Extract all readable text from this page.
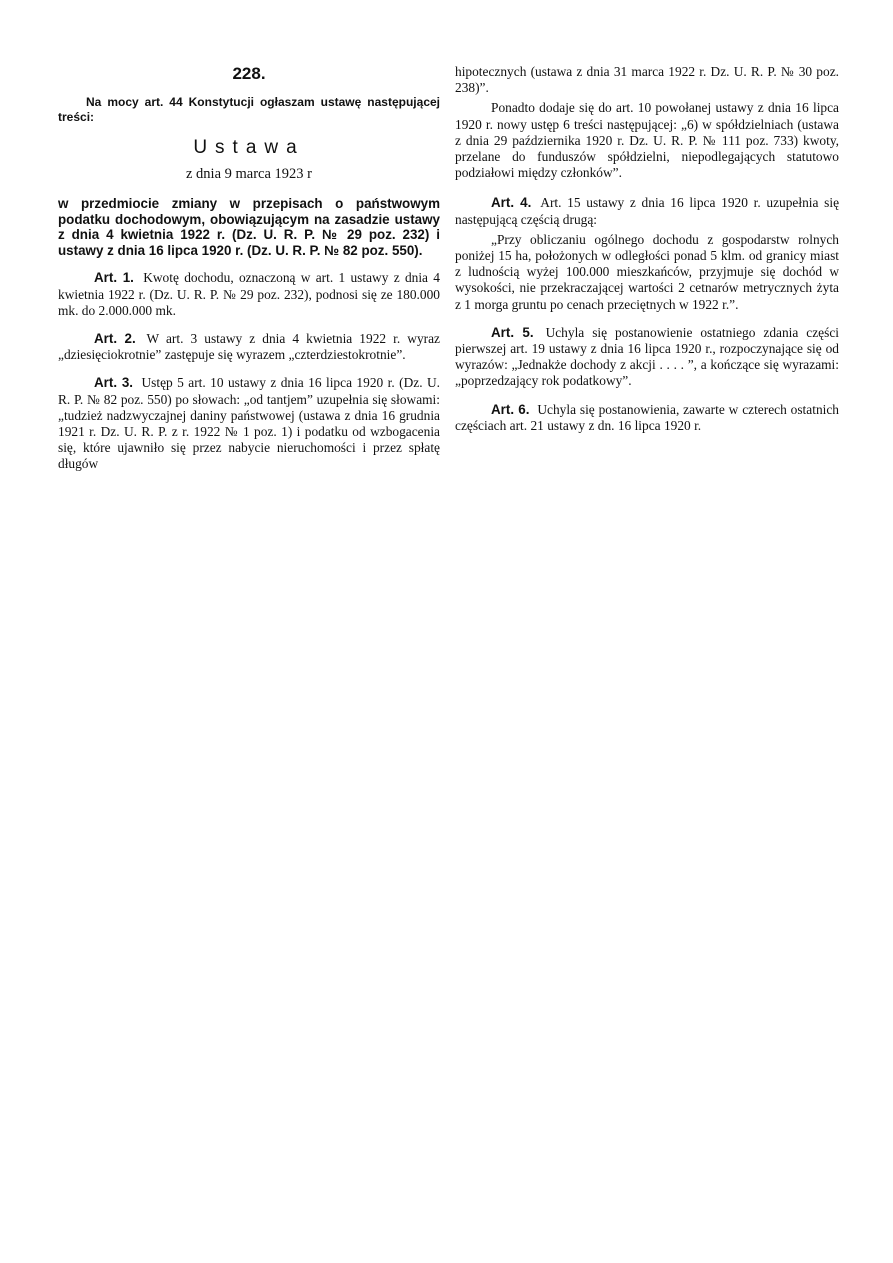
228.

Na mocy art. 44 Konstytucji ogłaszam ustawę następującej treści:

Ustawa
z dnia 9 marca 1923 r

w przedmiocie zmiany w przepisach o państwowym podatku dochodowym, obowiązującym na zasadzie ustawy z dnia 4 kwietnia 1922 r. (Dz. U. R. P. № 29 poz. 232) i ustawy z dnia 16 lipca 1920 r. (Dz. U. R. P. № 82 poz. 550).

Art. 1. Kwotę dochodu, oznaczoną w art. 1 ustawy z dnia 4 kwietnia 1922 r. (Dz. U. R. P. № 29 poz. 232), podnosi się ze 180.000 mk. do 2.000.000 mk.

Art. 2. W art. 3 ustawy z dnia 4 kwietnia 1922 r. wyraz „dziesięciokrotnie” zastępuje się wyrazem „czterdziestokrotnie”.

Art. 3. Ustęp 5 art. 10 ustawy z dnia 16 lipca 1920 r. (Dz. U. R. P. № 82 poz. 550) po słowach: „od tantjem” uzupełnia się słowami: „tudzież nadzwyczajnej daniny państwowej (ustawa z dnia 16 grudnia 1921 r. Dz. U. R. P. z r. 1922 № 1 poz. 1) i podatku od wzbogacenia się, które ujawniło się przez nabycie nieruchomości i przez spłatę długów

hipotecznych (ustawa z dnia 31 marca 1922 r. Dz. U. R. P. № 30 poz. 238)”.

Ponadto dodaje się do art. 10 powołanej ustawy z dnia 16 lipca 1920 r. nowy ustęp 6 treści następującej: „6) w spółdzielniach (ustawa z dnia 29 października 1920 r. Dz. U. R. P. № 111 poz. 733) kwoty, przelane do funduszów spółdzielni, niepodlegających statutowo podziałowi między członków”.

Art. 4. Art. 15 ustawy z dnia 16 lipca 1920 r. uzupełnia się następującą częścią drugą:

„Przy obliczaniu ogólnego dochodu z gospodarstw rolnych poniżej 15 ha, położonych w odległości ponad 5 klm. od granicy miast z ludnością wyżej 100.000 mieszkańców, przyjmuje się dochód w wysokości, nie przekraczającej wartości 2 cetnarów metrycznych żyta z 1 morga gruntu po cenach przeciętnych w 1922 r.”.

Art. 5. Uchyla się postanowienie ostatniego zdania części pierwszej art. 19 ustawy z dnia 16 lipca 1920 r., rozpoczynające się od wyrazów: „Jednakże dochody z akcji . . . . ”, a kończące się wyrazami: „poprzedzający rok podatkowy”.

Art. 6. Uchyla się postanowienia, zawarte w czterech ostatnich częściach art. 21 ustawy z dn. 16 lipca 1920 r.
